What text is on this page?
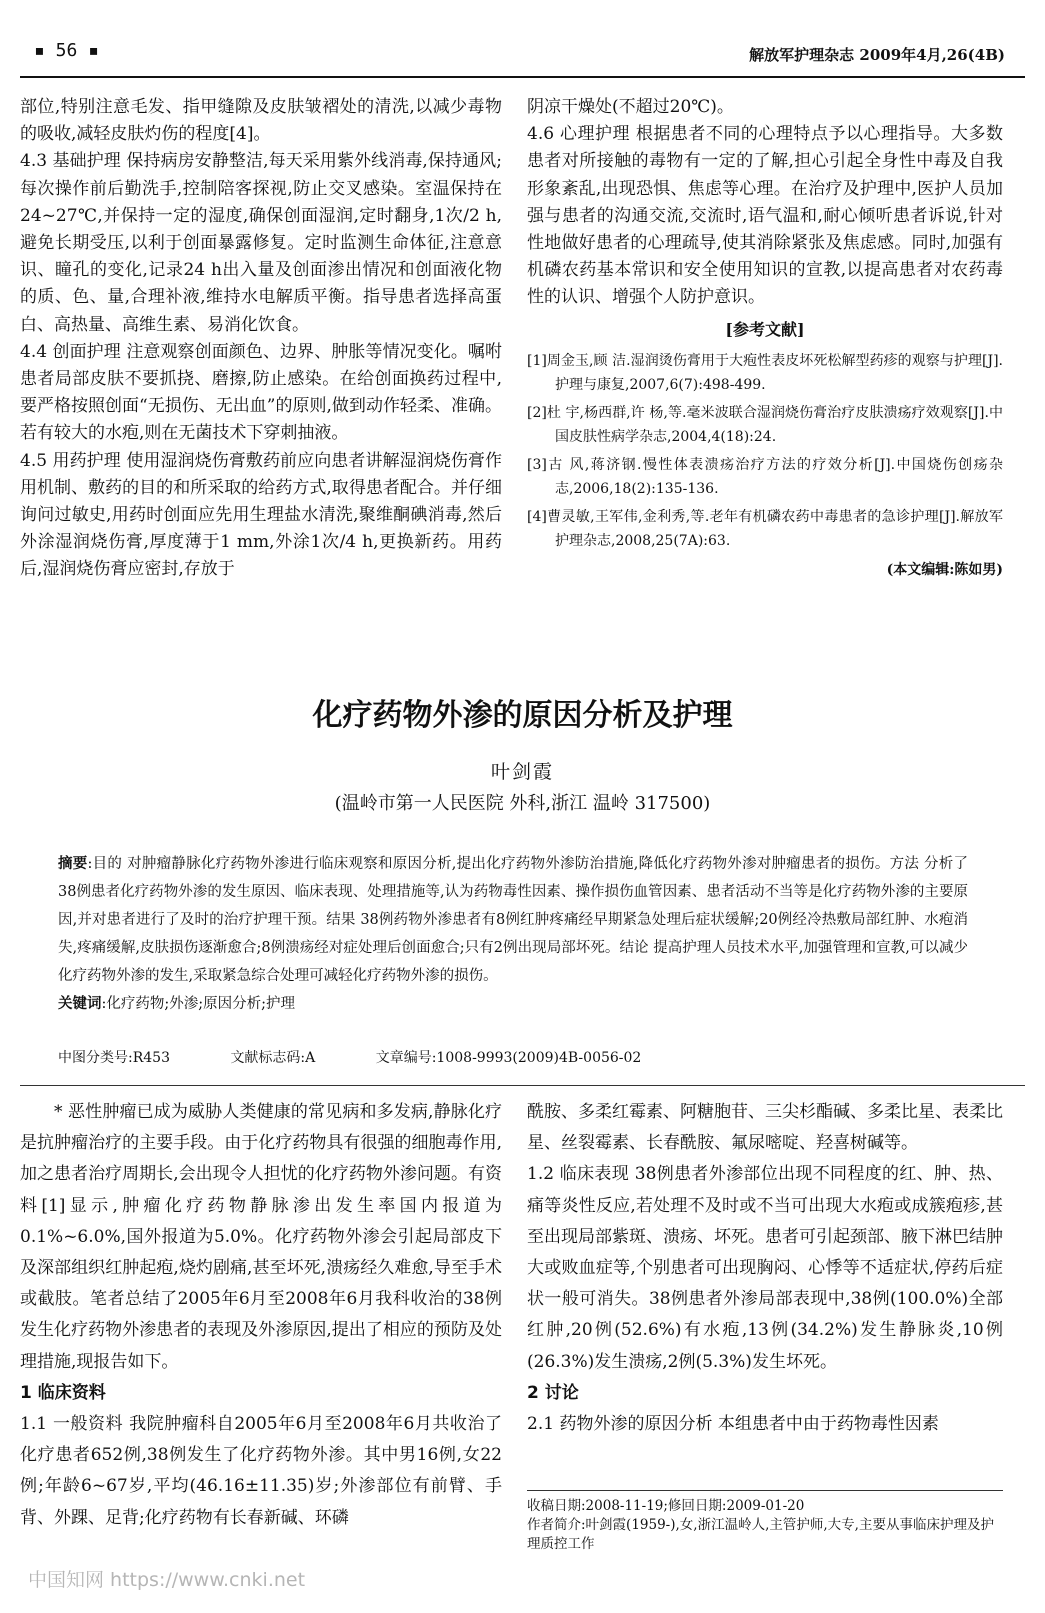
▪ 56 ▪	解放军护理杂志 2009年4月,26(4B)

部位,特别注意毛发、指甲缝隙及皮肤皱褶处的清洗,以减少毒物的吸收,减轻皮肤灼伤的程度[4]。

4.3 基础护理 保持病房安静整洁,每天采用紫外线消毒,保持通风;每次操作前后勤洗手,控制陪客探视,防止交叉感染。室温保持在24~27℃,并保持一定的湿度,确保创面湿润,定时翻身,1次/2 h,避免长期受压,以利于创面暴露修复。定时监测生命体征,注意意识、瞳孔的变化,记录24 h出入量及创面渗出情况和创面液化物的质、色、量,合理补液,维持水电解质平衡。指导患者选择高蛋白、高热量、高维生素、易消化饮食。

4.4 创面护理 注意观察创面颜色、边界、肿胀等情况变化。嘱咐患者局部皮肤不要抓挠、磨擦,防止感染。在给创面换药过程中,要严格按照创面“无损伤、无出血”的原则,做到动作轻柔、准确。若有较大的水疱,则在无菌技术下穿刺抽液。

4.5 用药护理 使用湿润烧伤膏敷药前应向患者讲解湿润烧伤膏作用机制、敷药的目的和所采取的给药方式,取得患者配合。并仔细询问过敏史,用药时创面应先用生理盐水清洗,聚维酮碘消毒,然后外涂湿润烧伤膏,厚度薄于1 mm,外涂1次/4 h,更换新药。用药后,湿润烧伤膏应密封,存放于

阴凉干燥处(不超过20℃)。

4.6 心理护理 根据患者不同的心理特点予以心理指导。大多数患者对所接触的毒物有一定的了解,担心引起全身性中毒及自我形象紊乱,出现恐惧、焦虑等心理。在治疗及护理中,医护人员加强与患者的沟通交流,交流时,语气温和,耐心倾听患者诉说,针对性地做好患者的心理疏导,使其消除紧张及焦虑感。同时,加强有机磷农药基本常识和安全使用知识的宣教,以提高患者对农药毒性的认识、增强个人防护意识。

[参考文献]
[1]周金玉,顾 洁.湿润烫伤膏用于大疱性表皮坏死松解型药疹的观察与护理[J].护理与康复,2007,6(7):498-499.
[2]杜 宇,杨西群,许 杨,等.毫米波联合湿润烧伤膏治疗皮肤溃疡疗效观察[J].中国皮肤性病学杂志,2004,4(18):24.
[3]古 风,蒋济钢.慢性体表溃疡治疗方法的疗效分析[J].中国烧伤创疡杂志,2006,18(2):135-136.
[4]曹灵敏,王军伟,金利秀,等.老年有机磷农药中毒患者的急诊护理[J].解放军护理杂志,2008,25(7A):63.
(本文编辑:陈如男)
化疗药物外渗的原因分析及护理
叶剑霞
(温岭市第一人民医院 外科,浙江 温岭 317500)

摘要:目的 对肿瘤静脉化疗药物外渗进行临床观察和原因分析,提出化疗药物外渗防治措施,降低化疗药物外渗对肿瘤患者的损伤。方法 分析了38例患者化疗药物外渗的发生原因、临床表现、处理措施等,认为药物毒性因素、操作损伤血管因素、患者活动不当等是化疗药物外渗的主要原因,并对患者进行了及时的治疗护理干预。结果 38例药物外渗患者有8例红肿疼痛经早期紧急处理后症状缓解;20例经冷热敷局部红肿、水疱消失,疼痛缓解,皮肤损伤逐渐愈合;8例溃疡经对症处理后创面愈合;只有2例出现局部坏死。结论 提高护理人员技术水平,加强管理和宣教,可以减少化疗药物外渗的发生,采取紧急综合处理可减轻化疗药物外渗的损伤。

关键词:化疗药物;外渗;原因分析;护理

中图分类号:R453	文献标志码:A	文章编号:1008-9993(2009)4B-0056-02

* 恶性肿瘤已成为威胁人类健康的常见病和多发病,静脉化疗是抗肿瘤治疗的主要手段。由于化疗药物具有很强的细胞毒作用,加之患者治疗周期长,会出现令人担忧的化疗药物外渗问题。有资料[1]显示,肿瘤化疗药物静脉渗出发生率国内报道为0.1%~6.0%,国外报道为5.0%。化疗药物外渗会引起局部皮下及深部组织红肿起疱,烧灼剧痛,甚至坏死,溃疡经久难愈,导至手术或截肢。笔者总结了2005年6月至2008年6月我科收治的38例发生化疗药物外渗患者的表现及外渗原因,提出了相应的预防及处理措施,现报告如下。

1 临床资料

1.1 一般资料 我院肿瘤科自2005年6月至2008年6月共收治了化疗患者652例,38例发生了化疗药物外渗。其中男16例,女22例;年龄6~67岁,平均(46.16±11.35)岁;外渗部位有前臂、手背、外踝、足背;化疗药物有长春新碱、环磷

酰胺、多柔红霉素、阿糖胞苷、三尖杉酯碱、多柔比星、表柔比星、丝裂霉素、长春酰胺、氟尿嘧啶、羟喜树碱等。

1.2 临床表现 38例患者外渗部位出现不同程度的红、肿、热、痛等炎性反应,若处理不及时或不当可出现大水疱或成簇疱疹,甚至出现局部紫斑、溃疡、坏死。患者可引起颈部、腋下淋巴结肿大或败血症等,个别患者可出现胸闷、心悸等不适症状,停药后症状一般可消失。38例患者外渗局部表现中,38例(100.0%)全部红肿,20例(52.6%)有水疱,13例(34.2%)发生静脉炎,10例(26.3%)发生溃疡,2例(5.3%)发生坏死。

2 讨论

2.1 药物外渗的原因分析 本组患者中由于药物毒性因素

收稿日期:2008-11-19;修回日期:2009-01-20

作者简介:叶剑霞(1959-),女,浙江温岭人,主管护师,大专,主要从事临床护理及护理质控工作

中国知网 https://www.cnki.net
